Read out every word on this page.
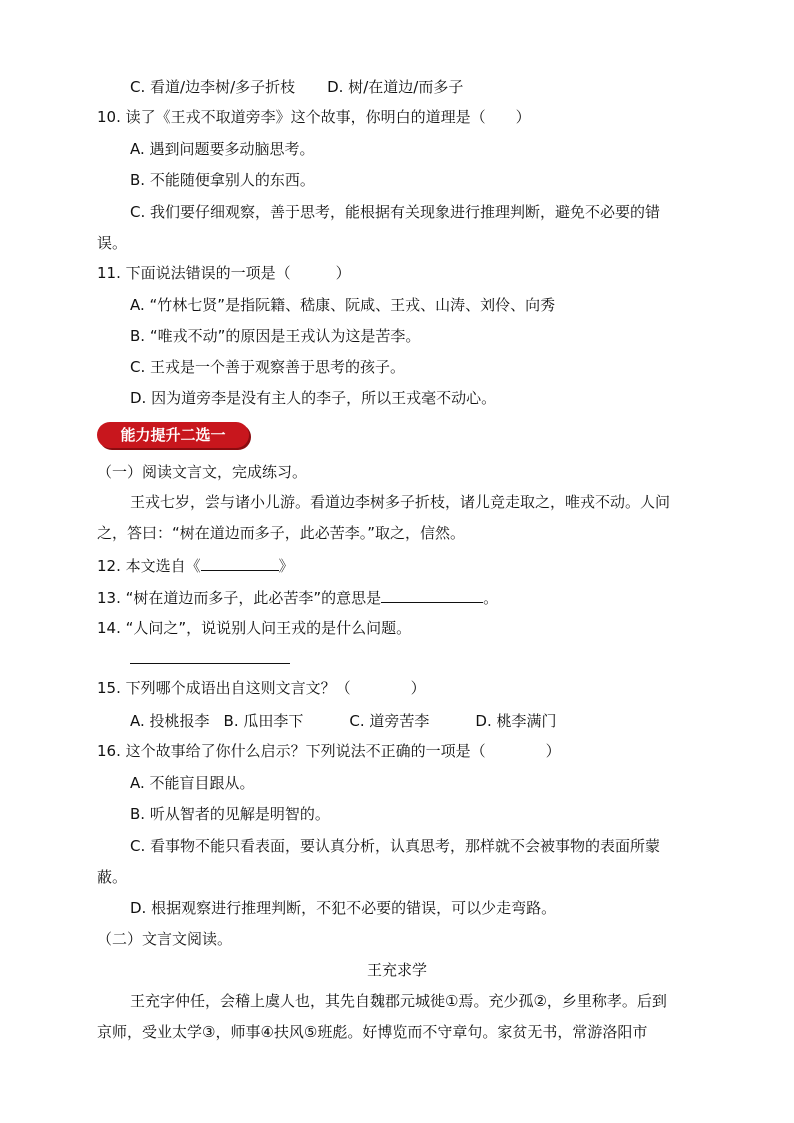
C. 看道/边李树/多子折枝 D. 树/在道边/而多子
10. 读了《王戎不取道旁李》这个故事，你明白的道理是（　　）
A. 遇到问题要多动脑思考。
B. 不能随便拿别人的东西。
C. 我们要仔细观察，善于思考，能根据有关现象进行推理判断，避免不必要的错
误。
11. 下面说法错误的一项是（　　　）
A. “竹林七贤”是指阮籍、嵇康、阮咸、王戎、山涛、刘伶、向秀
B. “唯戎不动”的原因是王戎认为这是苦李。
C. 王戎是一个善于观察善于思考的孩子。
D. 因为道旁李是没有主人的李子，所以王戎毫不动心。
能力提升二选一
（一）阅读文言文，完成练习。
王戎七岁，尝与诸小儿游。看道边李树多子折枝，诸儿竞走取之，唯戎不动。人问
之，答曰：“树在道边而多子，此必苦李。”取之，信然。
12. 本文选自《	》
13. “树在道边而多子，此必苦李”的意思是	。
14. “人问之”，说说别人问王戎的是什么问题。
15. 下列哪个成语出自这则文言文？（　　　　）
A. 投桃报李 B. 瓜田李下	C. 道旁苦李	D. 桃李满门
16. 这个故事给了你什么启示？下列说法不正确的一项是（　　　　）
A. 不能盲目跟从。
B. 听从智者的见解是明智的。
C. 看事物不能只看表面，要认真分析，认真思考，那样就不会被事物的表面所蒙
蔽。
D. 根据观察进行推理判断，不犯不必要的错误，可以少走弯路。
（二）文言文阅读。
王充求学
王充字仲任，会稽上虞人也，其先自魏郡元城徙①焉。充少孤②，乡里称孝。后到
京师，受业太学③，师事④扶风⑤班彪。好博览而不守章句。家贫无书，常游洛阳市
